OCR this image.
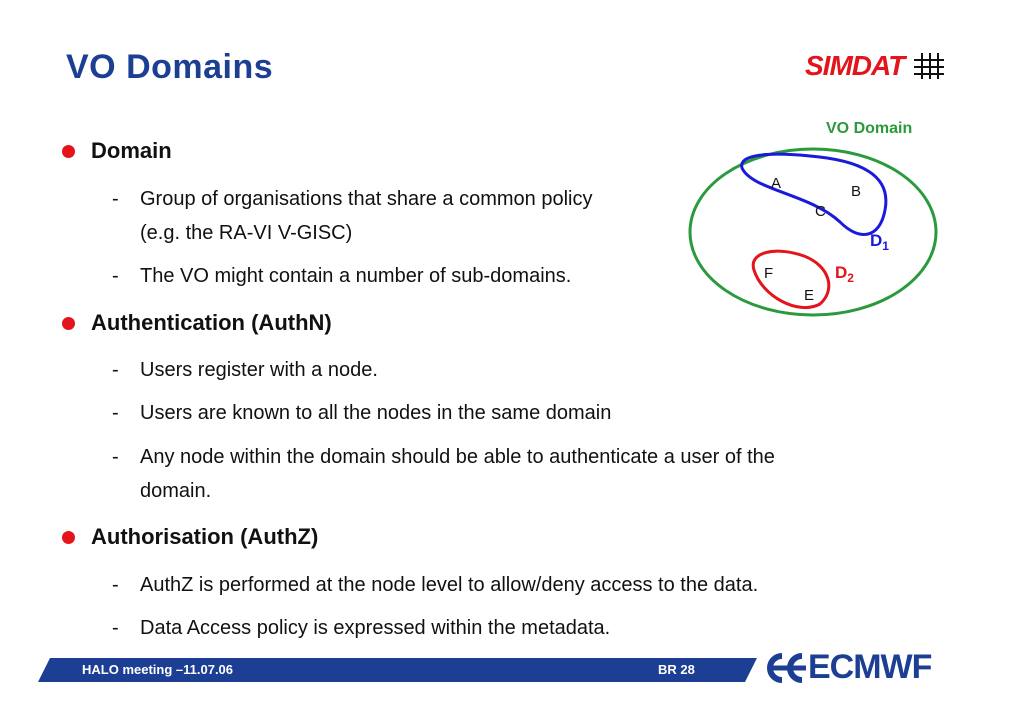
VO Domains	SIMDAT
Domain
-	Group of organisations that share a common policy
(e.g. the RA-VI V-GISC)
-	The VO might contain a number of sub-domains.
Authentication (AuthN)
-	Users register with a node.
-	Users are known to all the nodes in the same domain
-	Any node within the domain should be able to authenticate a user of the
domain.
Authorisation (AuthZ)
-	AuthZ is performed at the node level to allow/deny access to the data.
-	Data Access policy is expressed within the metadata.
VO Domain
A	B
C
$D_1$
F
E
$D_2$
HALO meeting –11.07.06	BR 28	ECMWF
